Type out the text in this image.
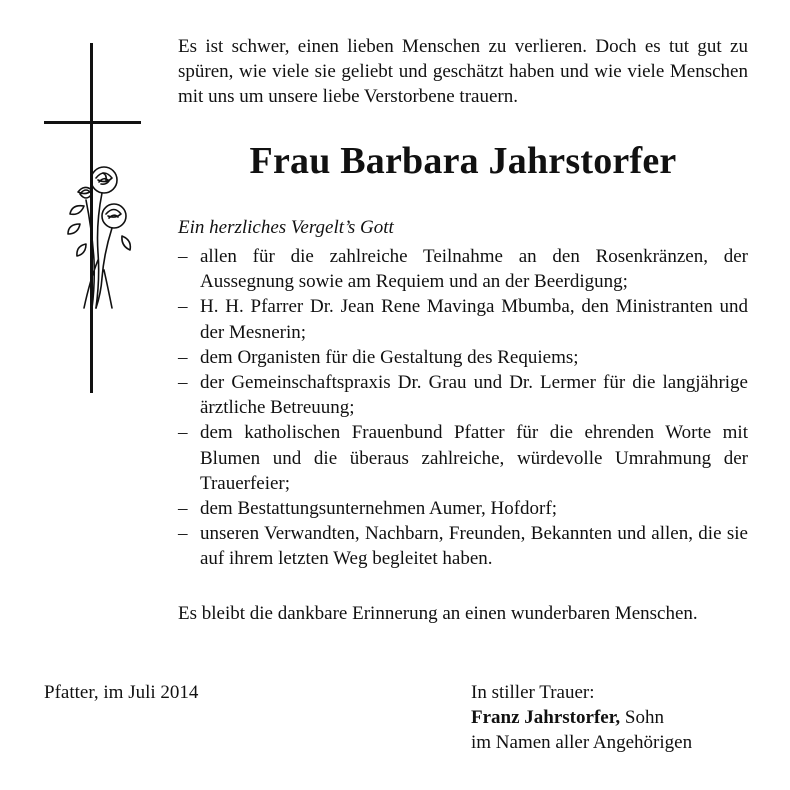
Es ist schwer, einen lieben Menschen zu verlieren. Doch es tut gut zu spüren, wie viele sie geliebt und geschätzt haben und wie viele Menschen mit uns um unsere liebe Verstorbene trauern.

Frau Barbara Jahrstorfer

Ein herzliches Vergelt’s Gott

– allen für die zahlreiche Teilnahme an den Rosenkränzen, der Aussegnung sowie am Requiem und an der Beerdigung;
– H. H. Pfarrer Dr. Jean Rene Mavinga Mbumba, den Ministranten und der Mesnerin;
– dem Organisten für die Gestaltung des Requiems;
– der Gemeinschaftspraxis Dr. Grau und Dr. Lermer für die langjährige ärztliche Betreuung;
– dem katholischen Frauenbund Pfatter für die ehrenden Worte mit Blumen und die überaus zahlreiche, würdevolle Umrahmung der Trauerfeier;
– dem Bestattungsunternehmen Aumer, Hofdorf;
– unseren Verwandten, Nachbarn, Freunden, Bekannten und allen, die sie auf ihrem letzten Weg begleitet haben.

Es bleibt die dankbare Erinnerung an einen wunderbaren Menschen.

Pfatter, im Juli 2014	In stiller Trauer:
Franz Jahrstorfer, Sohn
im Namen aller Angehörigen
